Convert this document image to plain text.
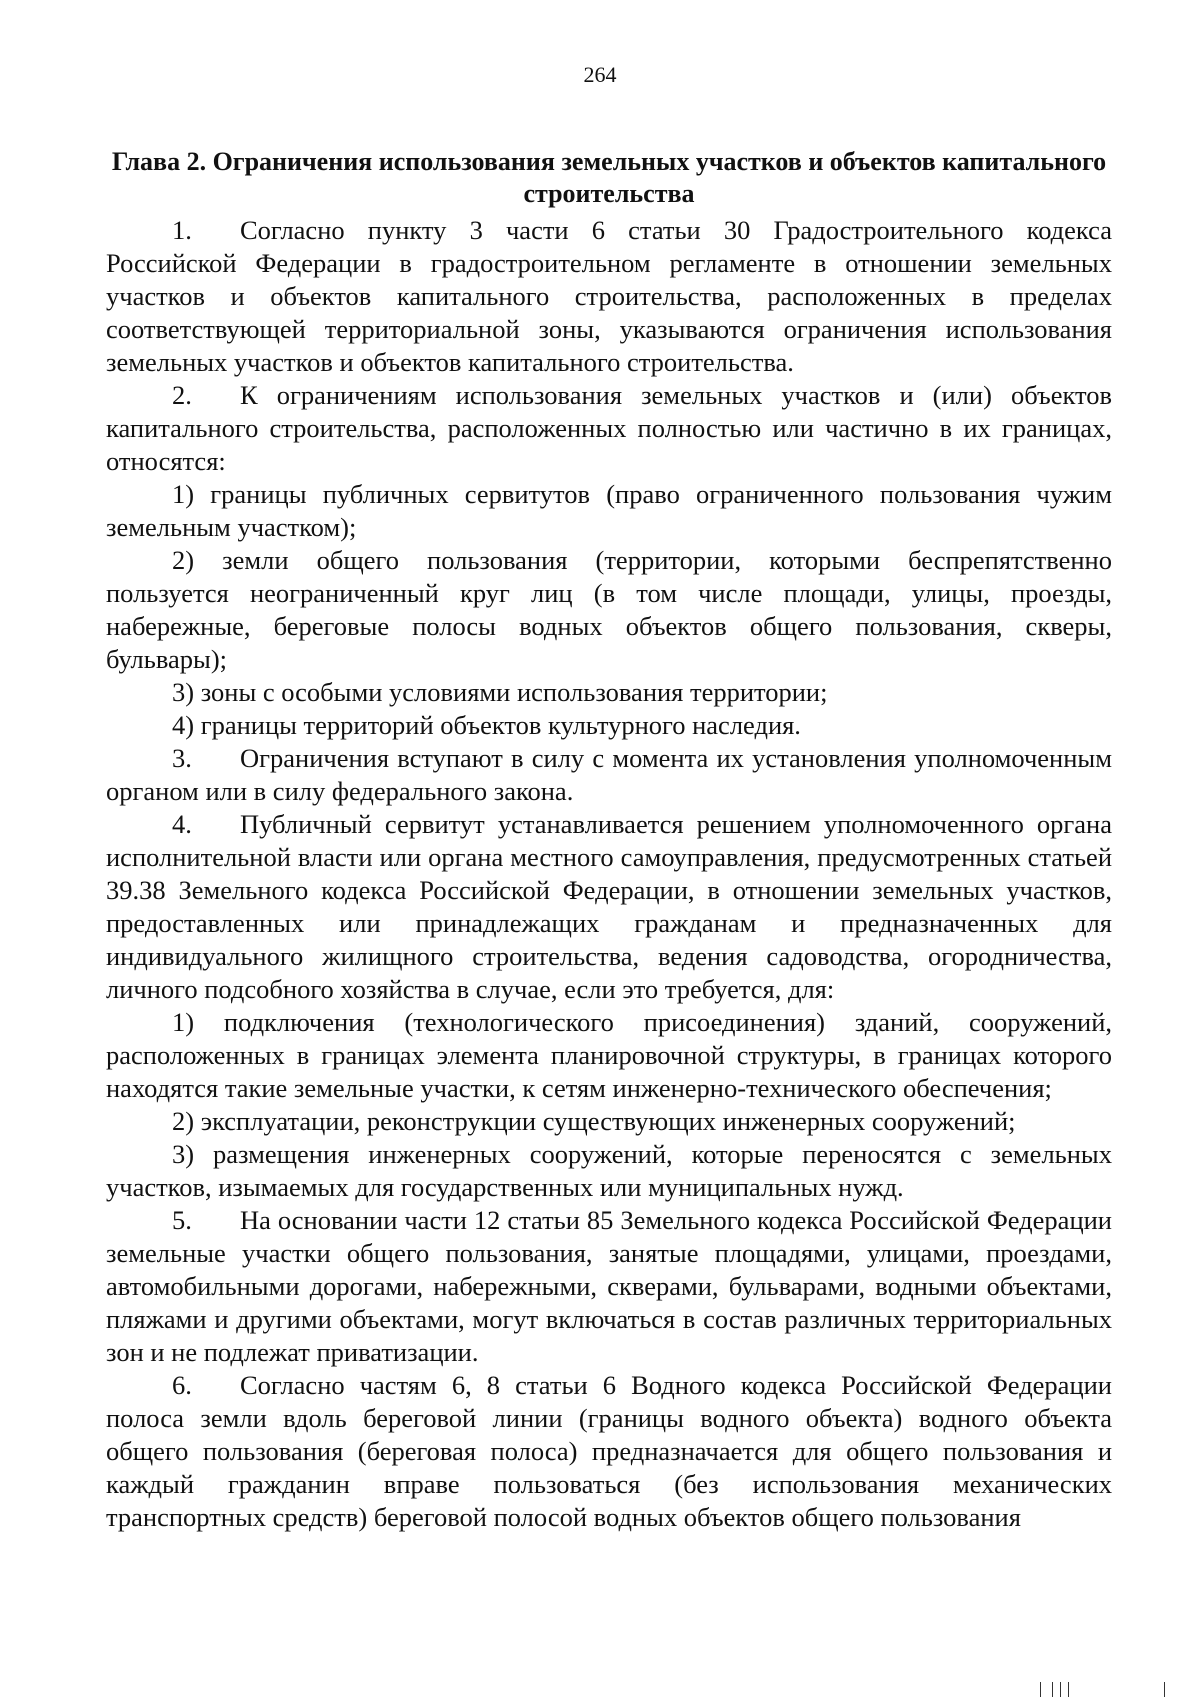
264
Глава 2. Ограничения использования земельных участков и объектов капитального строительства

1. Согласно пункту 3 части 6 статьи 30 Градостроительного кодекса Российской Федерации в градостроительном регламенте в отношении земельных участков и объектов капитального строительства, расположенных в пределах соответствующей территориальной зоны, указываются ограничения использования земельных участков и объектов капитального строительства.

2. К ограничениям использования земельных участков и (или) объектов капитального строительства, расположенных полностью или частично в их границах, относятся:

1) границы публичных сервитутов (право ограниченного пользования чужим земельным участком);

2) земли общего пользования (территории, которыми беспрепятственно пользуется неограниченный круг лиц (в том числе площади, улицы, проезды, набережные, береговые полосы водных объектов общего пользования, скверы, бульвары);

3) зоны с особыми условиями использования территории;

4) границы территорий объектов культурного наследия.

3. Ограничения вступают в силу с момента их установления уполномоченным органом или в силу федерального закона.

4. Публичный сервитут устанавливается решением уполномоченного органа исполнительной власти или органа местного самоуправления, предусмотренных статьей 39.38 Земельного кодекса Российской Федерации, в отношении земельных участков, предоставленных или принадлежащих гражданам и предназначенных для индивидуального жилищного строительства, ведения садоводства, огородничества, личного подсобного хозяйства в случае, если это требуется, для:

1) подключения (технологического присоединения) зданий, сооружений, расположенных в границах элемента планировочной структуры, в границах которого находятся такие земельные участки, к сетям инженерно-технического обеспечения;

2) эксплуатации, реконструкции существующих инженерных сооружений;

3) размещения инженерных сооружений, которые переносятся с земельных участков, изымаемых для государственных или муниципальных нужд.

5. На основании части 12 статьи 85 Земельного кодекса Российской Федерации земельные участки общего пользования, занятые площадями, улицами, проездами, автомобильными дорогами, набережными, скверами, бульварами, водными объектами, пляжами и другими объектами, могут включаться в состав различных территориальных зон и не подлежат приватизации.

6. Согласно частям 6, 8 статьи 6 Водного кодекса Российской Федерации полоса земли вдоль береговой линии (границы водного объекта) водного объекта общего пользования (береговая полоса) предназначается для общего пользования и каждый гражданин вправе пользоваться (без использования механических транспортных средств) береговой полосой водных объектов общего пользования
